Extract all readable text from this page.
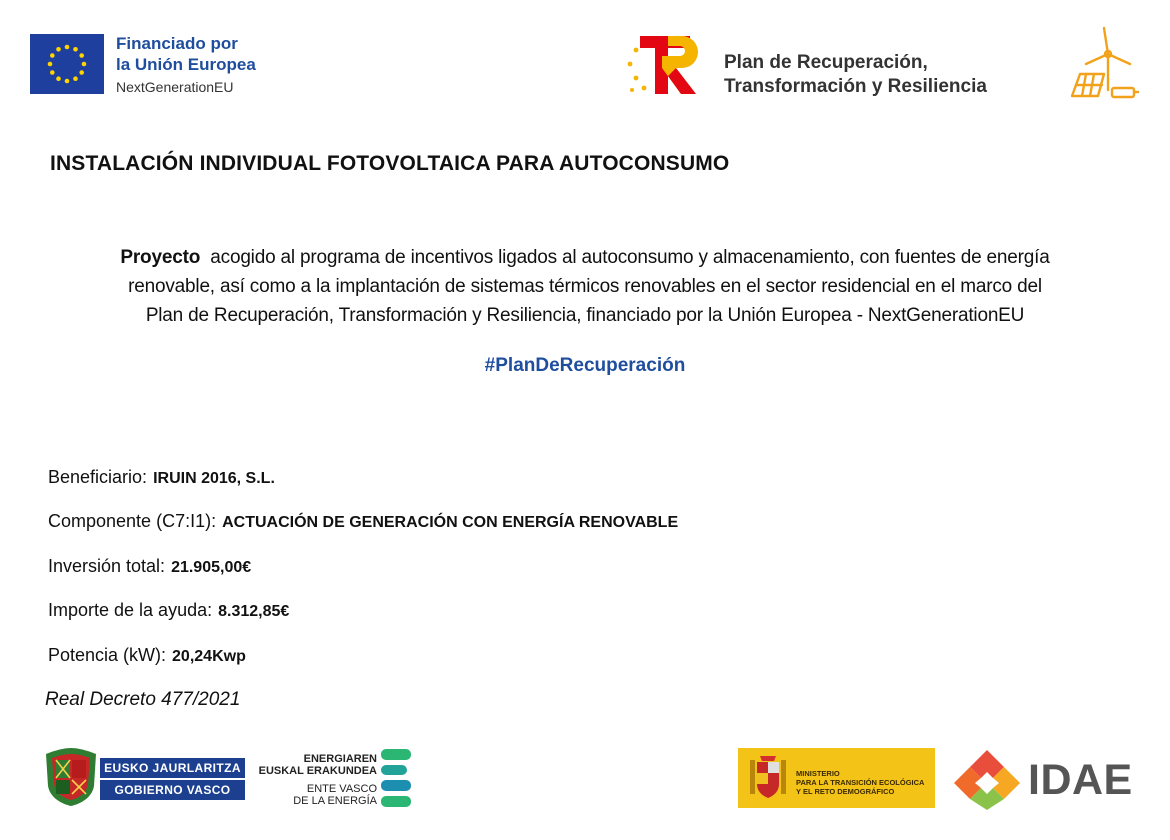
Financiado por
la Unión Europea
NextGenerationEU
Plan de Recuperación,
Transformación y Resiliencia
INSTALACIÓN INDIVIDUAL FOTOVOLTAICA PARA AUTOCONSUMO
Proyecto acogido al programa de incentivos ligados al autoconsumo y almacenamiento, con fuentes de energía
renovable, así como a la implantación de sistemas térmicos renovables en el sector residencial en el marco del
Plan de Recuperación, Transformación y Resiliencia, financiado por la Unión Europea - NextGenerationEU
#PlanDeRecuperación
Beneficiario: IRUIN 2016, S.L.
Componente (C7:I1): ACTUACIÓN DE GENERACIÓN CON ENERGÍA RENOVABLE
Inversión total: 21.905,00€
Importe de la ayuda: 8.312,85€
Potencia (kW): 20,24Kwp
Real Decreto 477/2021
EUSKO JAURLARITZA
GOBIERNO VASCO
ENERGIAREN
EUSKAL ERAKUNDEA
ENTE VASCO
DE LA ENERGÍA
MINISTERIO
PARA LA TRANSICIÓN ECOLÓGICA
Y EL RETO DEMOGRÁFICO	IDAE
